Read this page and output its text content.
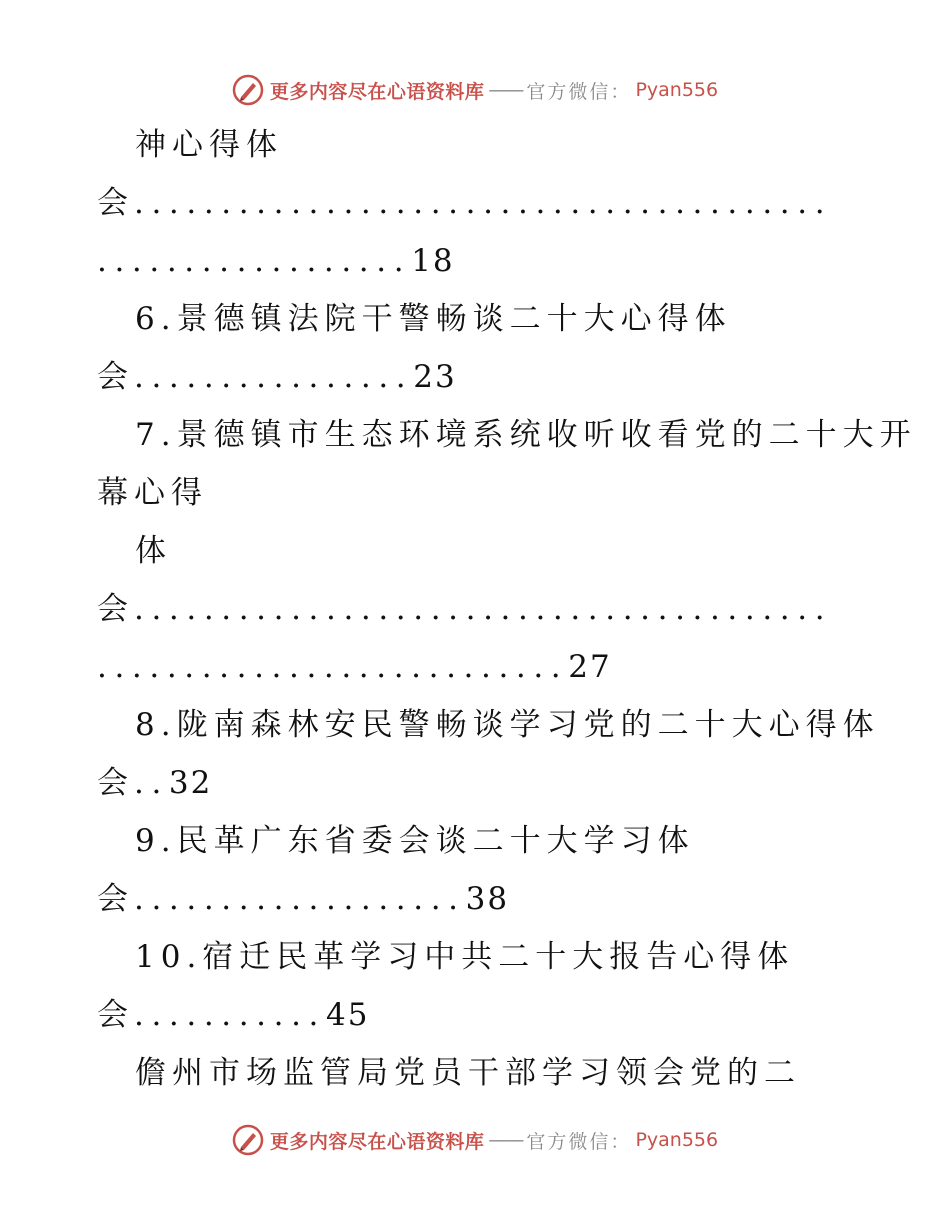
更多内容尽在心语资料库 —— 官方微信： Pyan556
神心得体
会........................................
..................18
6.景德镇法院干警畅谈二十大心得体
会................23
7.景德镇市生态环境系统收听收看党的二十大开
幕心得
体
会........................................
...........................27
8.陇南森林安民警畅谈学习党的二十大心得体
会..32
9.民革广东省委会谈二十大学习体
会...................38
10.宿迁民革学习中共二十大报告心得体
会...........45
儋州市场监管局党员干部学习领会党的二
更多内容尽在心语资料库 —— 官方微信： Pyan556
